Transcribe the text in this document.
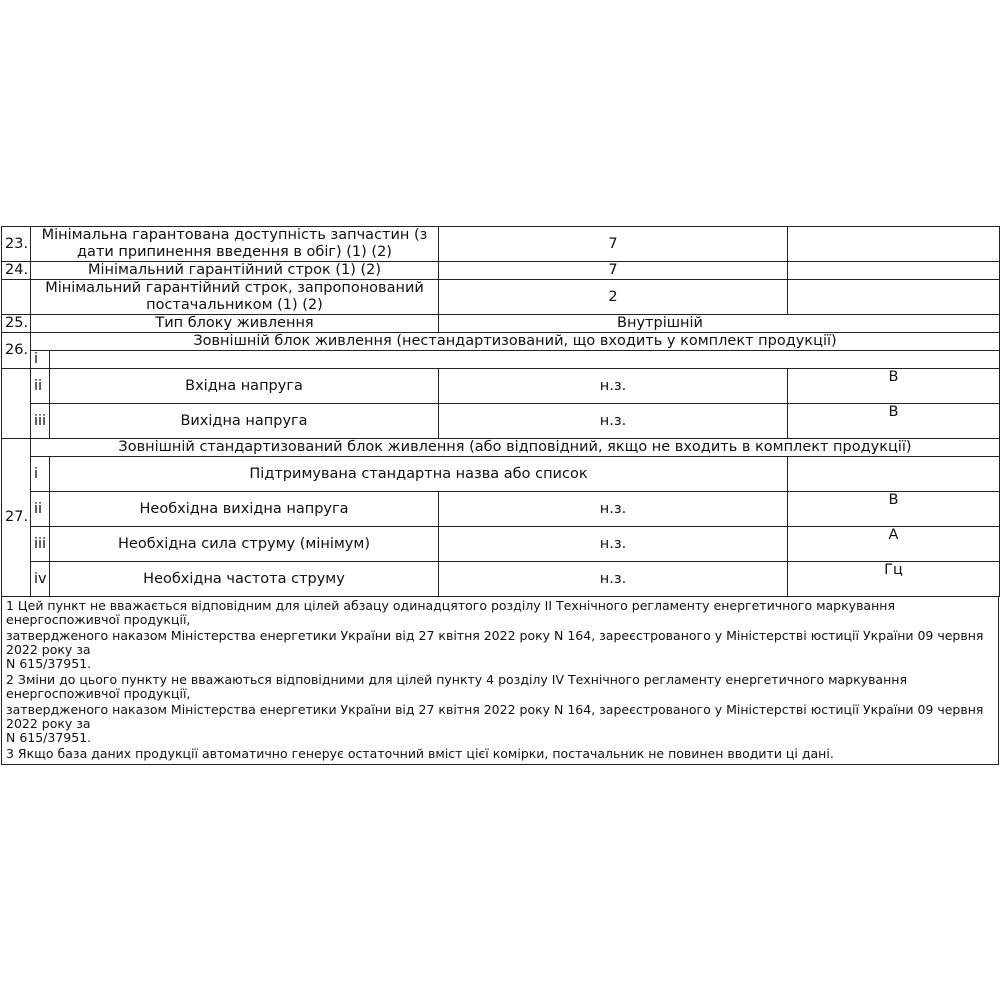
23.	Мінімальна гарантована доступність запчастин (з
дати припинення введення в обіг) (1) (2)		7	
24.	Мінімальний гарантійний строк (1) (2)		7	

	Мінімальний гарантійний строк, запропонований
постачальником (1) (2)		2	
25.	Тип блоку живлення		Внутрішній	
26.	Зовнішній блок живлення (нестандартизований, що входить у комплект продукції)			
	i			
	ii	Вхідна напруга	н.з.	В
	iii	Вихідна напруга	н.з.	В
27.	Зовнішній стандартизований блок живлення (або відповідний, якщо не входить в комплект продукції)			
	i	Підтримувана стандартна назва або список		
	ii	Необхідна вихідна напруга	н.з.	В
	iii	Необхідна сила струму (мінімум)	н.з.	А
	iv	Необхідна частота струму	н.з.	Гц

1 Цей пункт не вважається відповідним для цілей абзацу одинадцятого розділу ІІ Технічного регламенту енергетичного маркування

енергоспоживчої продукції,

затвердженого наказом Міністерства енергетики України від 27 квітня 2022 року N 164, зареєстрованого у Міністерстві юстиції України 09 червня

2022 року за

N 615/37951.

2 Зміни до цього пункту не вважаються відповідними для цілей пункту 4 розділу IV Технічного регламенту енергетичного маркування

енергоспоживчої продукції,

затвердженого наказом Міністерства енергетики України від 27 квітня 2022 року N 164, зареєстрованого у Міністерстві юстиції України 09 червня

2022 року за

N 615/37951.

3 Якщо база даних продукції автоматично генерує остаточний вміст цієї комірки, постачальник не повинен вводити ці дані.
